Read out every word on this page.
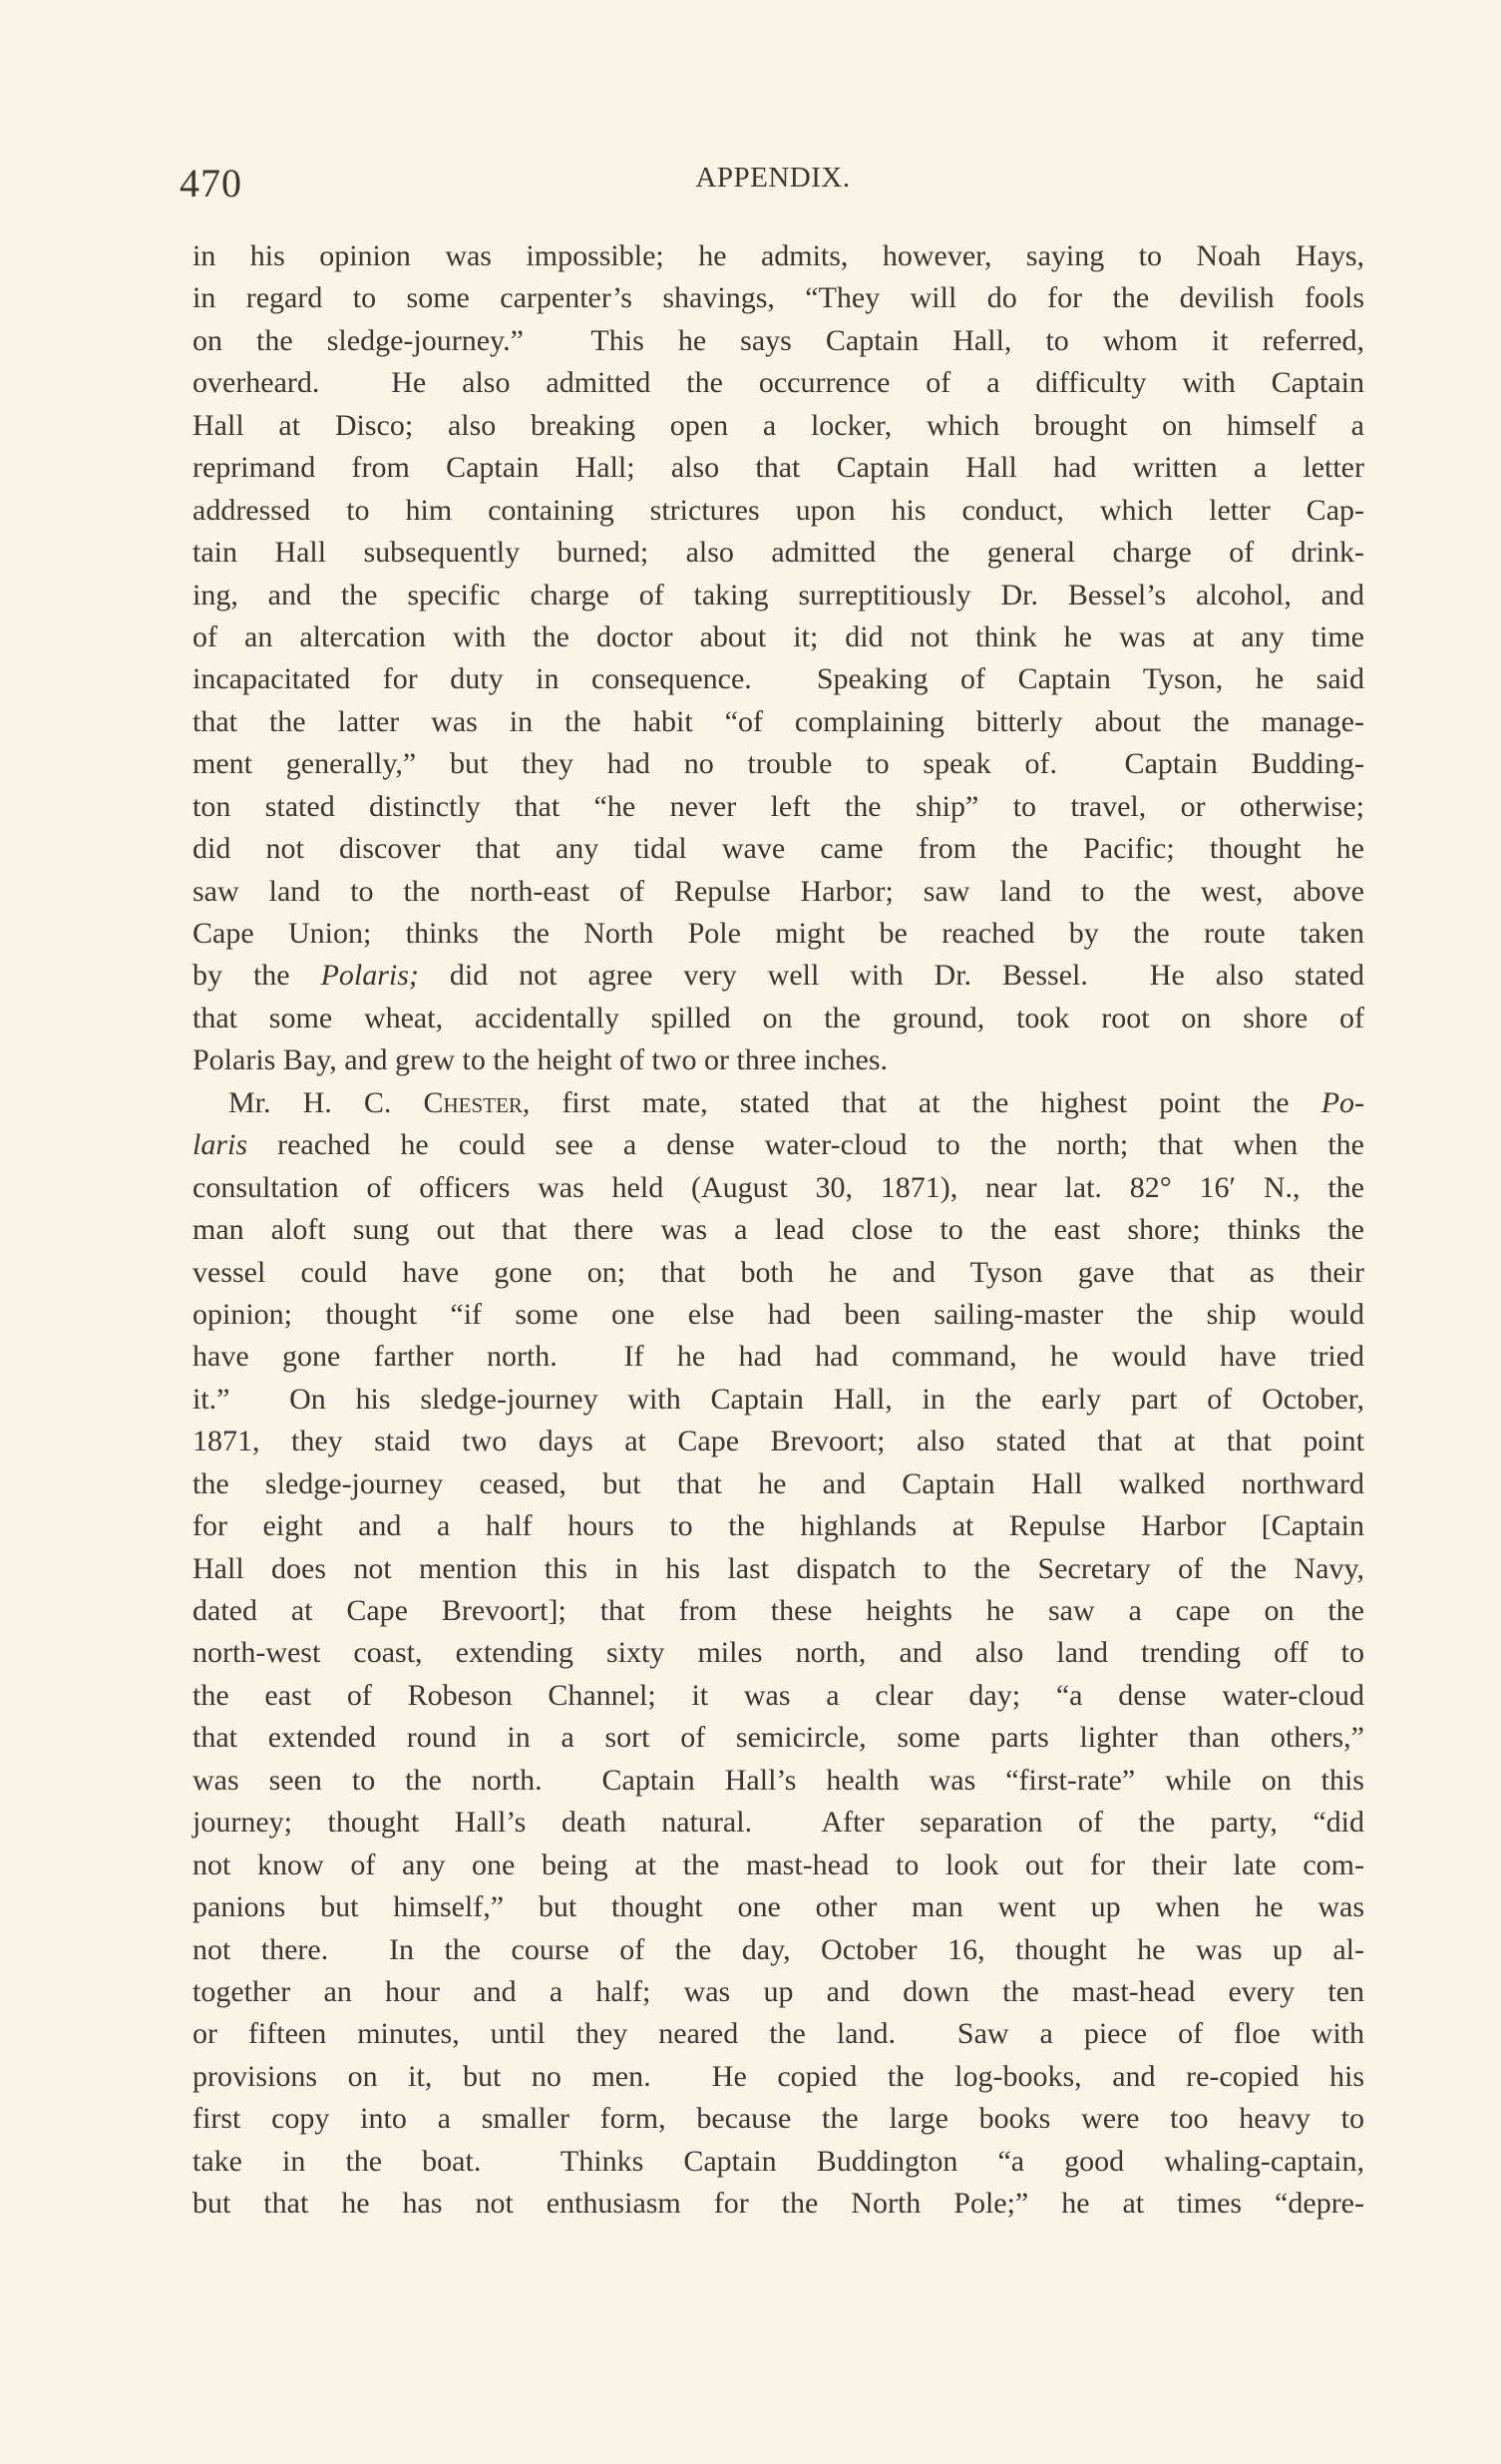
470	APPENDIX.
in his opinion was impossible; he admits, however, saying to Noah Hays,
in regard to some carpenter’s shavings, “They will do for the devilish fools
on the sledge-journey.”  This he says Captain Hall, to whom it referred,
overheard.  He also admitted the occurrence of a difficulty with Captain
Hall at Disco; also breaking open a locker, which brought on himself a
reprimand from Captain Hall; also that Captain Hall had written a letter
addressed to him containing strictures upon his conduct, which letter Cap-
tain Hall subsequently burned; also admitted the general charge of drink-
ing, and the specific charge of taking surreptitiously Dr. Bessel’s alcohol, and
of an altercation with the doctor about it; did not think he was at any time
incapacitated for duty in consequence.  Speaking of Captain Tyson, he said
that the latter was in the habit “of complaining bitterly about the manage-
ment generally,” but they had no trouble to speak of.  Captain Budding-
ton stated distinctly that “he never left the ship” to travel, or otherwise;
did not discover that any tidal wave came from the Pacific; thought he
saw land to the north-east of Repulse Harbor; saw land to the west, above
Cape Union; thinks the North Pole might be reached by the route taken
by the Polaris; did not agree very well with Dr. Bessel.  He also stated
that some wheat, accidentally spilled on the ground, took root on shore of
Polaris Bay, and grew to the height of two or three inches.
Mr. H. C. Chester, first mate, stated that at the highest point the Po-
laris reached he could see a dense water-cloud to the north; that when the
consultation of officers was held (August 30, 1871), near lat. 82° 16′ N., the
man aloft sung out that there was a lead close to the east shore; thinks the
vessel could have gone on; that both he and Tyson gave that as their
opinion; thought “if some one else had been sailing-master the ship would
have gone farther north.  If he had had command, he would have tried
it.”  On his sledge-journey with Captain Hall, in the early part of October,
1871, they staid two days at Cape Brevoort; also stated that at that point
the sledge-journey ceased, but that he and Captain Hall walked northward
for eight and a half hours to the highlands at Repulse Harbor [Captain
Hall does not mention this in his last dispatch to the Secretary of the Navy,
dated at Cape Brevoort]; that from these heights he saw a cape on the
north-west coast, extending sixty miles north, and also land trending off to
the east of Robeson Channel; it was a clear day; “a dense water-cloud
that extended round in a sort of semicircle, some parts lighter than others,”
was seen to the north.  Captain Hall’s health was “first-rate” while on this
journey; thought Hall’s death natural.  After separation of the party, “did
not know of any one being at the mast-head to look out for their late com-
panions but himself,” but thought one other man went up when he was
not there.  In the course of the day, October 16, thought he was up al-
together an hour and a half; was up and down the mast-head every ten
or fifteen minutes, until they neared the land.  Saw a piece of floe with
provisions on it, but no men.  He copied the log-books, and re-copied his
first copy into a smaller form, because the large books were too heavy to
take in the boat.  Thinks Captain Buddington “a good whaling-captain,
but that he has not enthusiasm for the North Pole;” he at times “depre-
